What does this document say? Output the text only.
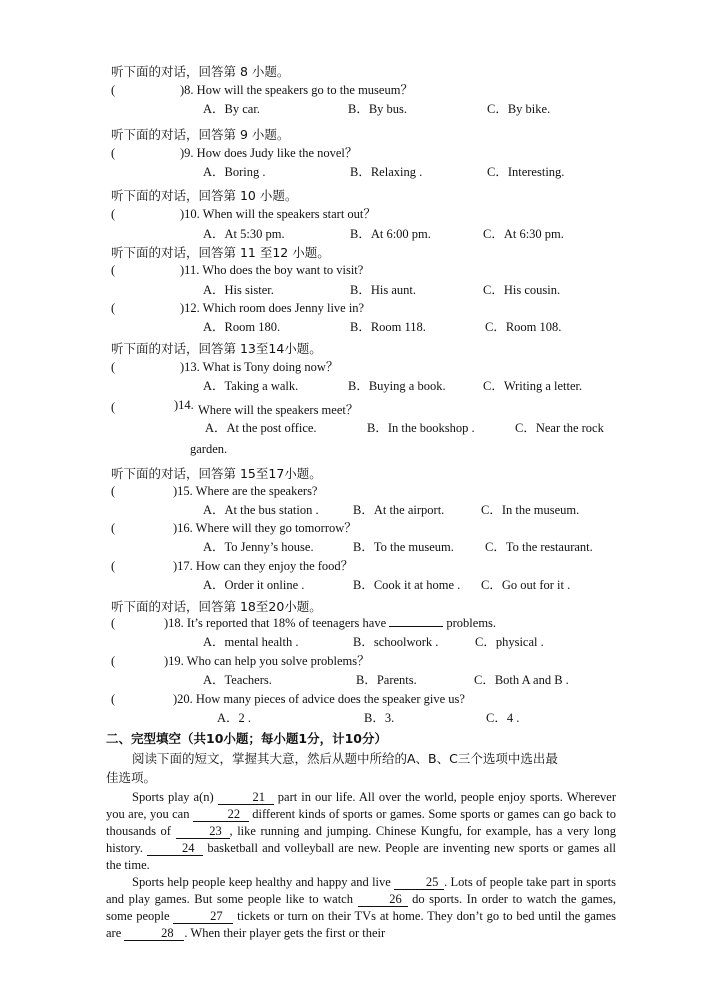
听下面的对话，回答第 8 小题。
(	)8. How will the speakers go to the museum？
A．By car.	B．By bus.	C．By bike.
听下面的对话，回答第 9 小题。
(	)9. How does Judy like the novel？
A．Boring .	B．Relaxing .	C．Interesting.
听下面的对话，回答第 10 小题。
(	)10. When will the speakers start out？
A．At 5:30 pm.	B．At 6:00 pm.	C．At 6:30 pm.
听下面的对话，回答第 11 至12 小题。
(	)11. Who does the boy want to visit?
A．His sister.	B．His aunt.	C．His cousin.
(	)12. Which room does Jenny live in?
A．Room 180.	B．Room 118.	C．Room 108.
听下面的对话，回答第 13至14小题。
(	)13. What is Tony doing now？
A．Taking a walk.	B．Buying a book.	C．Writing a letter.
(	)14. Where will the speakers meet？
A．At the post office.	B．In the bookshop .	C．Near the rock
garden.
听下面的对话，回答第 15至17小题。
(	)15. Where are the speakers?
A．At the bus station .	B．At the airport.	C．In the museum.
(	)16. Where will they go tomorrow？
A．To Jenny’s house.	B．To the museum. C．To the restaurant.
(	)17. How can they enjoy the food？
A．Order it online .	B．Cook it at home . C．Go out for it .
听下面的对话，回答第 18至20小题。
(	)18. It’s reported that 18% of teenagers have	problems.
A．mental health .	B．schoolwork .	C．physical .
(	)19. Who can help you solve problems？
A．Teachers.	B．Parents.	C．Both A and B .
(	)20. How many pieces of advice does the speaker give us?
A．2 .	B．3.	C．4 .
二、完型填空（共10小题；每小题1分，计10分）
阅读下面的短文，掌握其大意，然后从题中所给的A、B、C三个选项中选出最
佳选项。

Sports play a(n)	21 part in our life. All over the world, people enjoy sports. Wherever you are, you can	22 different kinds of sports or games. Some sports or games can go back to thousands of	23 , like running and jumping. Chinese Kungfu, for example, has a very long history.	24 basketball and volleyball are new. People are inventing new sports or games all the time.

Sports help people keep healthy and happy and live	25 . Lots of people take part in sports and play games. But some people like to watch	26 do sports. In order to watch the games, some people	27 tickets or turn on their TVs at home. They don’t go to bed until the games are	28 . When their player gets the first or their
